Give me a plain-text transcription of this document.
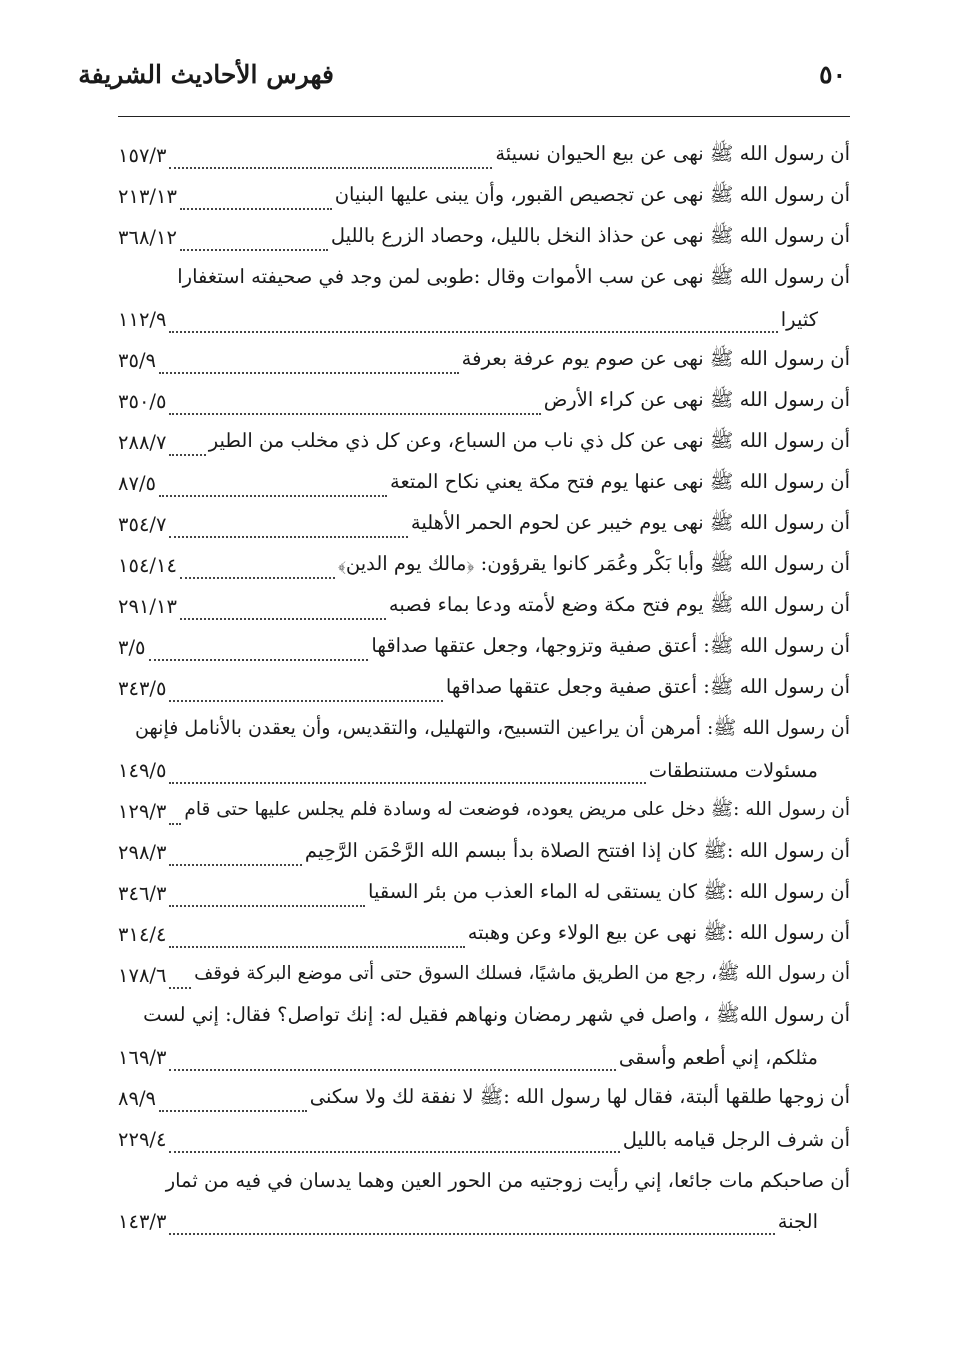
٥٠
فهرس الأحاديث الشريفة
أن رسول الله ﷺ نهى عن بيع الحيوان نسيئة
١٥٧/٣
أن رسول الله ﷺ نهى عن تجصيص القبور، وأن يبنى عليها البنيان
٢١٣/١٣
أن رسول الله ﷺ نهى عن حذاذ النخل بالليل، وحصاد الزرع بالليل
٣٦٨/١٢
أن رسول الله ﷺ نهى عن سب الأموات وقال :طوبى لمن وجد في صحيفته استغفارا
كثيرا
١١٢/٩
أن رسول الله ﷺ نهى عن صوم يوم عرفة بعرفة
٣٥/٩
أن رسول الله ﷺ نهى عن كراء الأرض
٣٥٠/٥
أن رسول الله ﷺ نهى عن كل ذي ناب من السباع، وعن كل ذي مخلب من الطير
٢٨٨/٧
أن رسول الله ﷺ نهى عنها يوم فتح مكة يعني نكاح المتعة
٨٧/٥
أن رسول الله ﷺ نهى يوم خيبر عن لحوم الحمر الأهلية
٣٥٤/٧
أن رسول الله ﷺ وأبا بَكْر وعُمَر كانوا يقرؤون: ﴿مالك يوم الدين﴾
١٥٤/١٤
أن رسول الله ﷺ يوم فتح مكة وضع لأمته ودعا بماء فصبه
٢٩١/١٣
أن رسول الله ﷺ: أعتق صفية وتزوجها، وجعل عتقها صداقها
٣/٥
أن رسول الله ﷺ: أعتق صفية وجعل عتقها صداقها
٣٤٣/٥
أن رسول الله ﷺ: أمرهن أن يراعين التسبيح، والتهليل، والتقديس، وأن يعقدن بالأنامل فإنهن
مسئولات مستنطقات
١٤٩/٥
أن رسول الله :ﷺ دخل على مريض يعوده، فوضعت له وسادة فلم يجلس عليها حتى قام
١٢٩/٣
أن رسول الله :ﷺ كان إذا افتتح الصلاة بدأ ببسم الله الرَّحْمَن الرَّحِيم
٢٩٨/٣
أن رسول الله :ﷺ كان يستقى له الماء العذب من بئر السقيا
٣٤٦/٣
أن رسول الله :ﷺ نهى عن بيع الولاء وعن وهبته
٣١٤/٤
أن رسول الله ﷺ، رجع من الطريق ماشيًا، فسلك السوق حتى أتى موضع البركة فوقف
١٧٨/٦
أن رسول اللهﷺ ، واصل في شهر رمضان ونهاهم فقيل له: إنك تواصل؟ فقال: إني لست
مثلكم، إني أطعم وأسقى
١٦٩/٣
أن زوجها طلقها ألبتة، فقال لها رسول الله :ﷺ لا نفقة لك ولا سكنى
٨٩/٩
أن شرف الرجل قيامه بالليل
٢٢٩/٤
أن صاحبكم مات جائعا، إني رأيت زوجتيه من الحور العين وهما يدسان في فيه من ثمار
الجنة
١٤٣/٣
